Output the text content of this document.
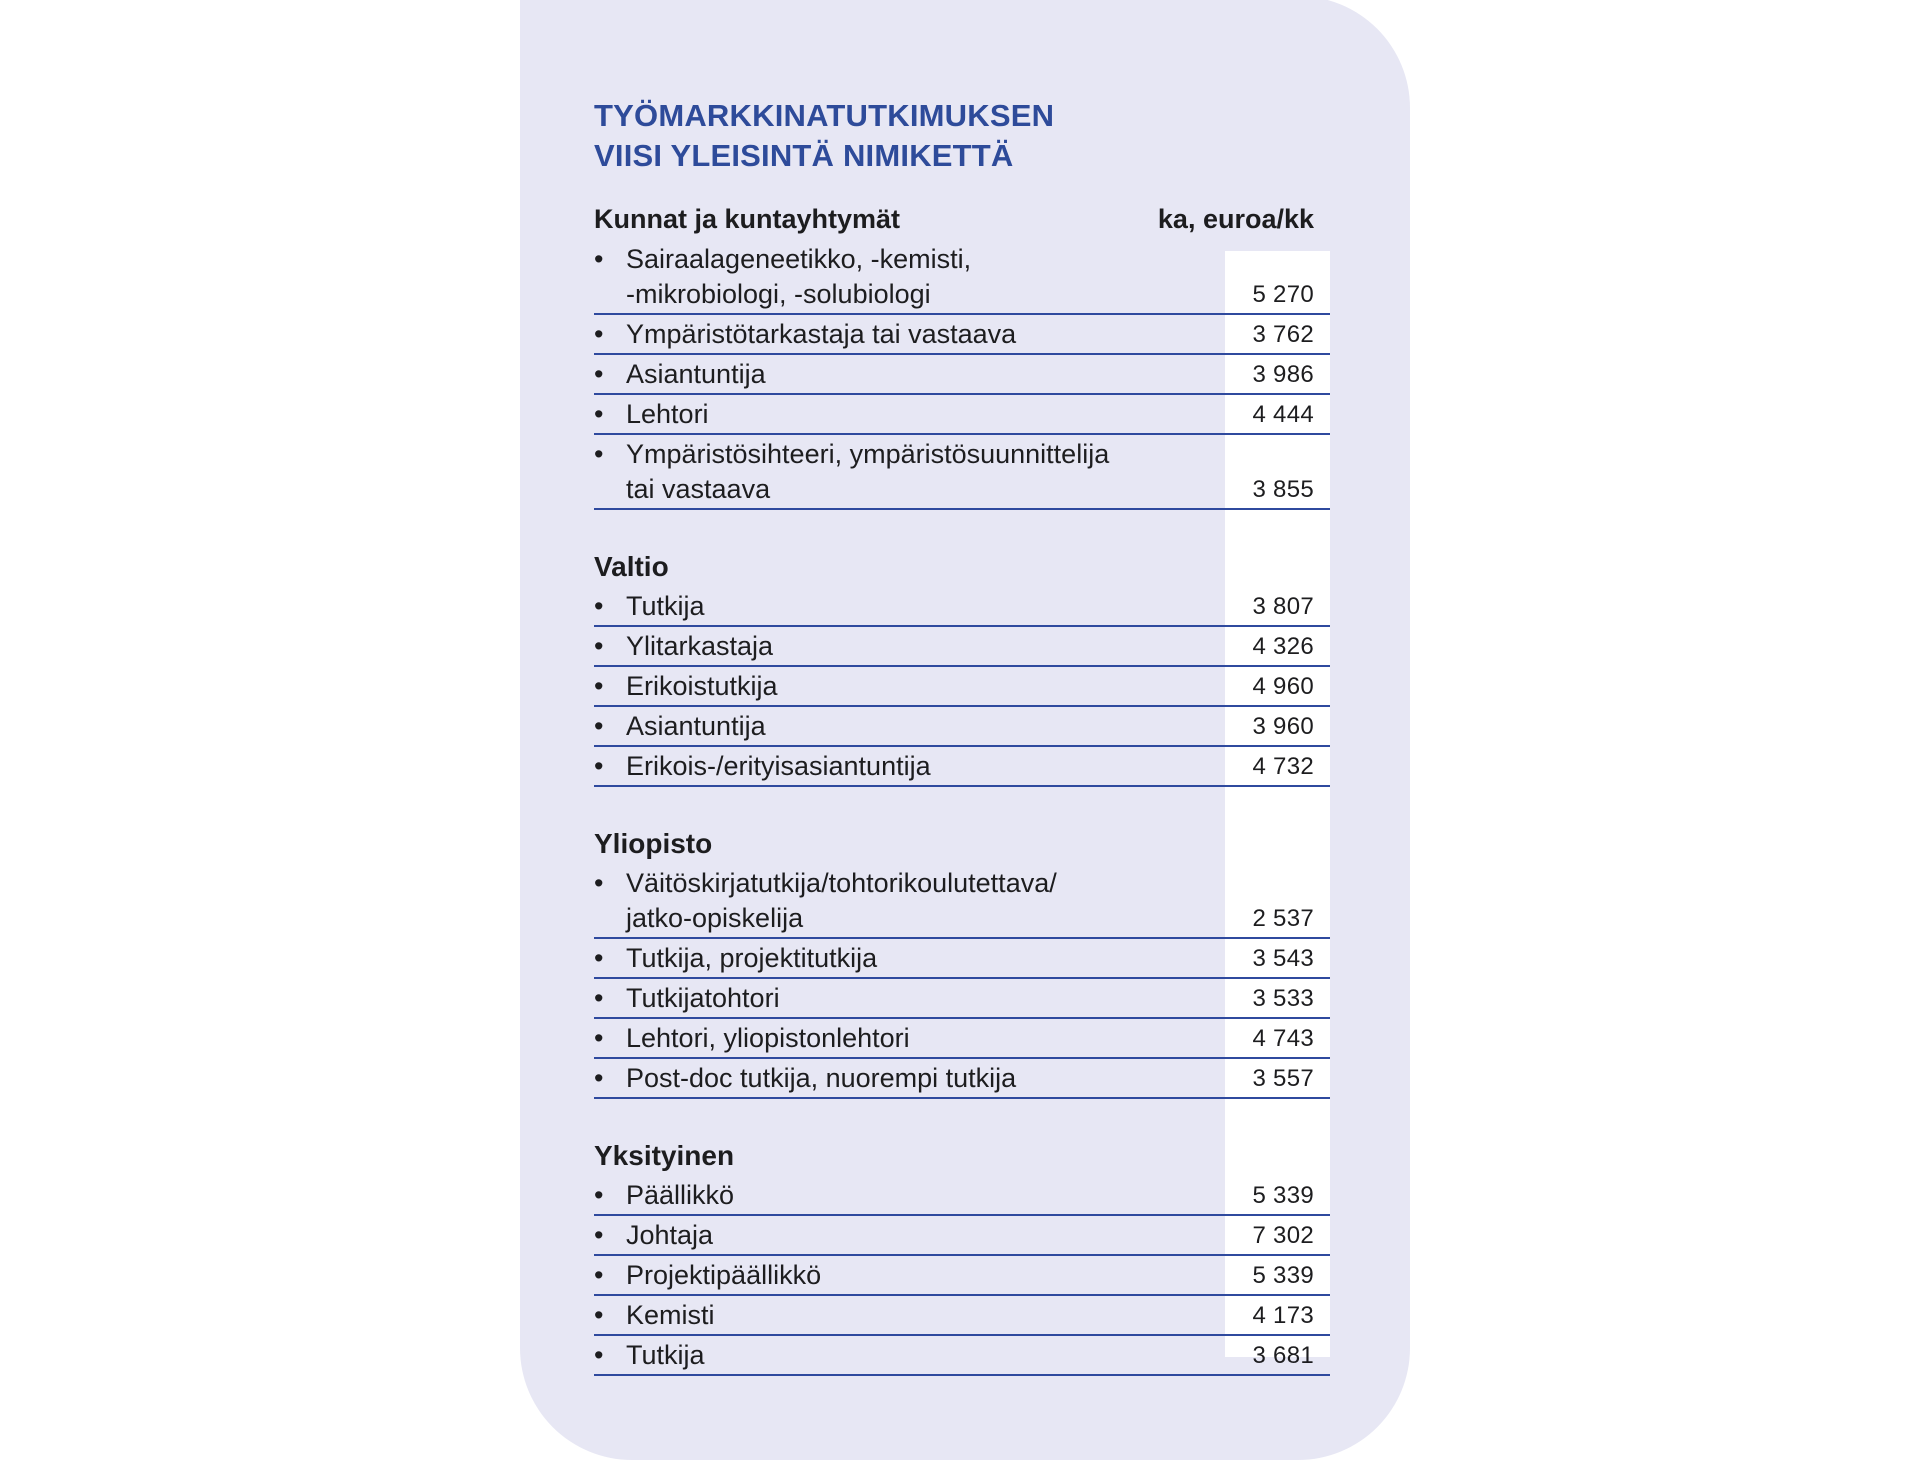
TYÖMARKKINATUTKIMUKSEN
VIISI YLEISINTÄ NIMIKETTÄ
Kunnat ja kuntayhtymät	ka, euroa/kk
• Sairaalageneetikko, -kemisti,
-mikrobiologi, -solubiologi	5 270
• Ympäristötarkastaja tai vastaava	3 762
• Asiantuntija	3 986
• Lehtori	4 444
• Ympäristösihteeri, ympäristösuunnittelija
tai vastaava	3 855
Valtio
• Tutkija	3 807
• Ylitarkastaja	4 326
• Erikoistutkija	4 960
• Asiantuntija	3 960
• Erikois-/erityisasiantuntija	4 732
Yliopisto
• Väitöskirjatutkija/tohtorikoulutettava/
jatko-opiskelija	2 537
• Tutkija, projektitutkija	3 543
• Tutkijatohtori	3 533
• Lehtori, yliopistonlehtori	4 743
• Post-doc tutkija, nuorempi tutkija	3 557
Yksityinen
• Päällikkö	5 339
• Johtaja	7 302
• Projektipäällikkö	5 339
• Kemisti	4 173
• Tutkija	3 681
